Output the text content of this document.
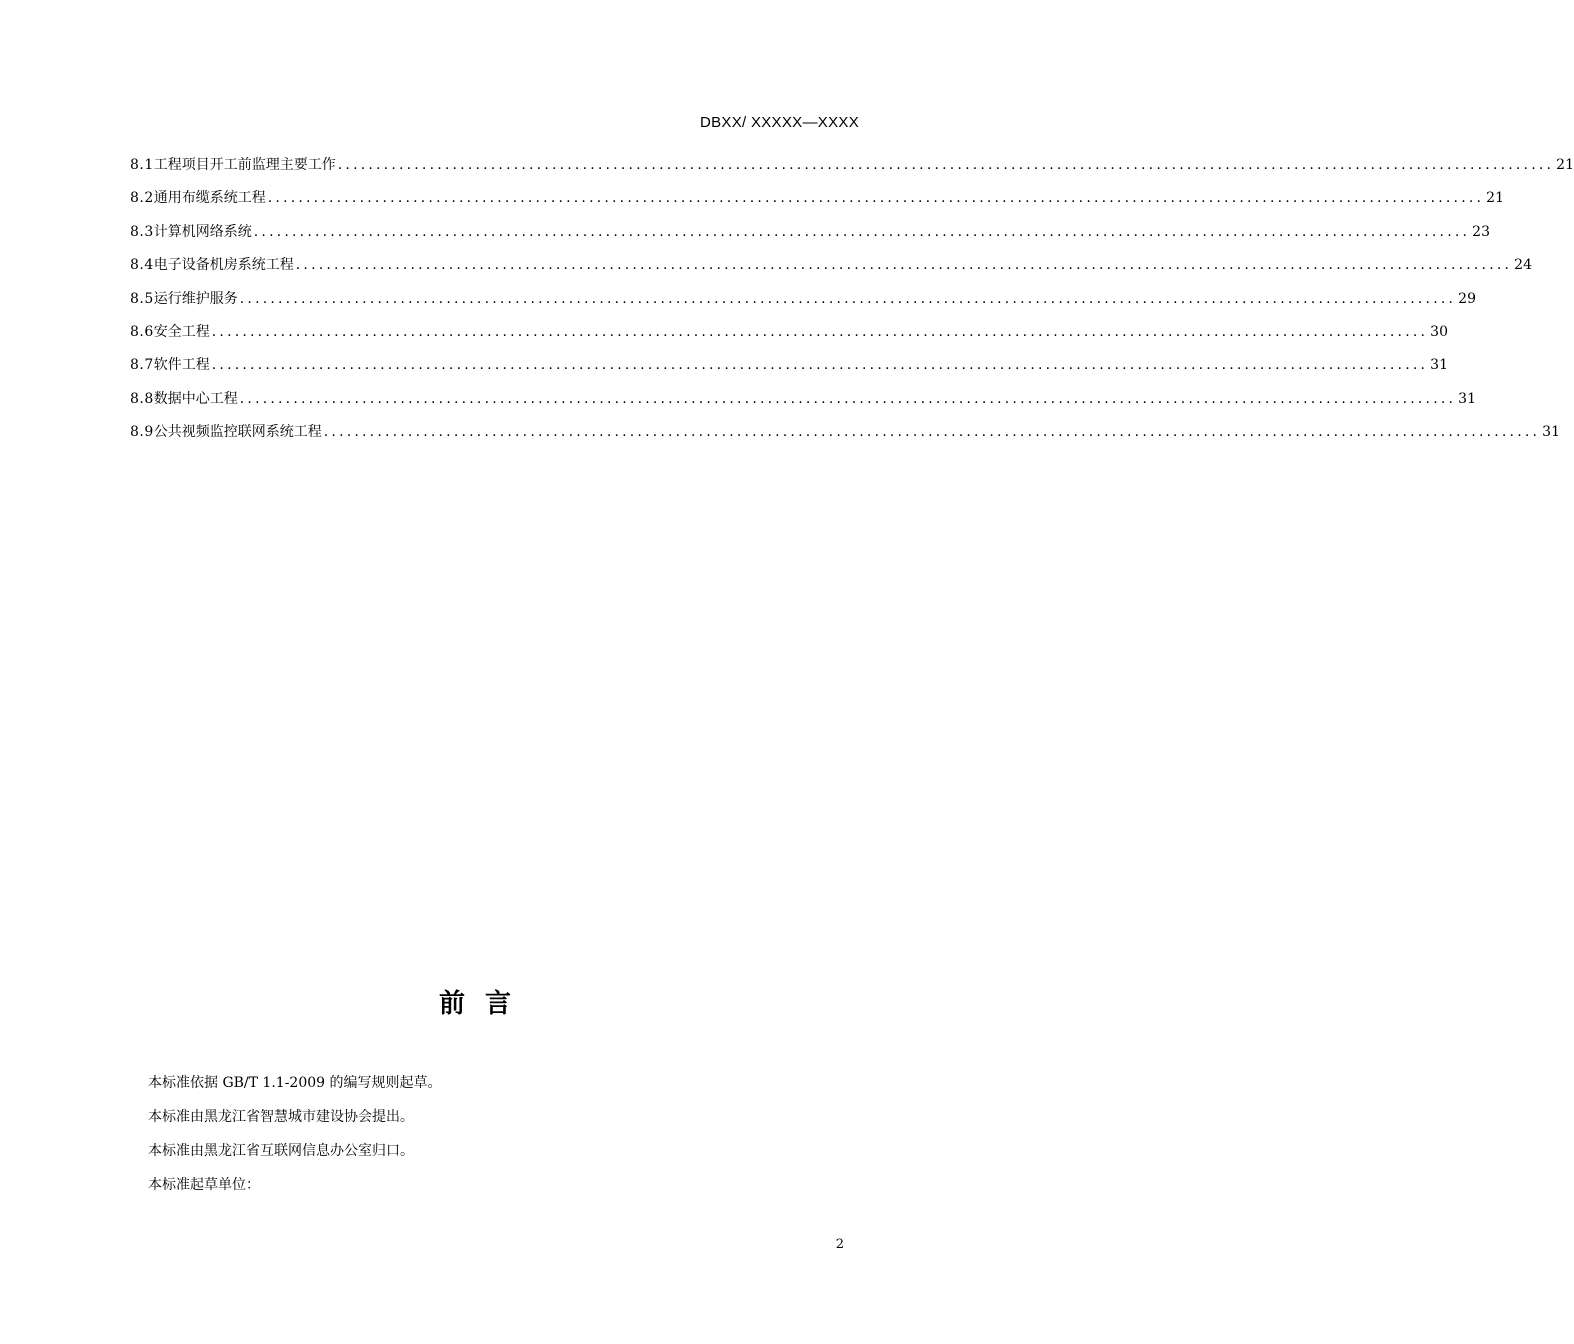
DBXX/ XXXXX—XXXX
8.1 工程项目开工前监理主要工作 ............................................................................................................................................................... 21
8.2 通用布缆系统工程 ............................................................................................................................................................... 21
8.3 计算机网络系统 ............................................................................................................................................................... 23
8.4 电子设备机房系统工程 ............................................................................................................................................................... 24
8.5 运行维护服务 ............................................................................................................................................................... 29
8.6 安全工程 ............................................................................................................................................................... 30
8.7 软件工程 ............................................................................................................................................................... 31
8.8 数据中心工程 ............................................................................................................................................................... 31
8.9 公共视频监控联网系统工程 ............................................................................................................................................................... 31
前言
本标准依据 GB/T 1.1-2009 的编写规则起草。
本标准由黑龙江省智慧城市建设协会提出。
本标准由黑龙江省互联网信息办公室归口。
本标准起草单位：
2
